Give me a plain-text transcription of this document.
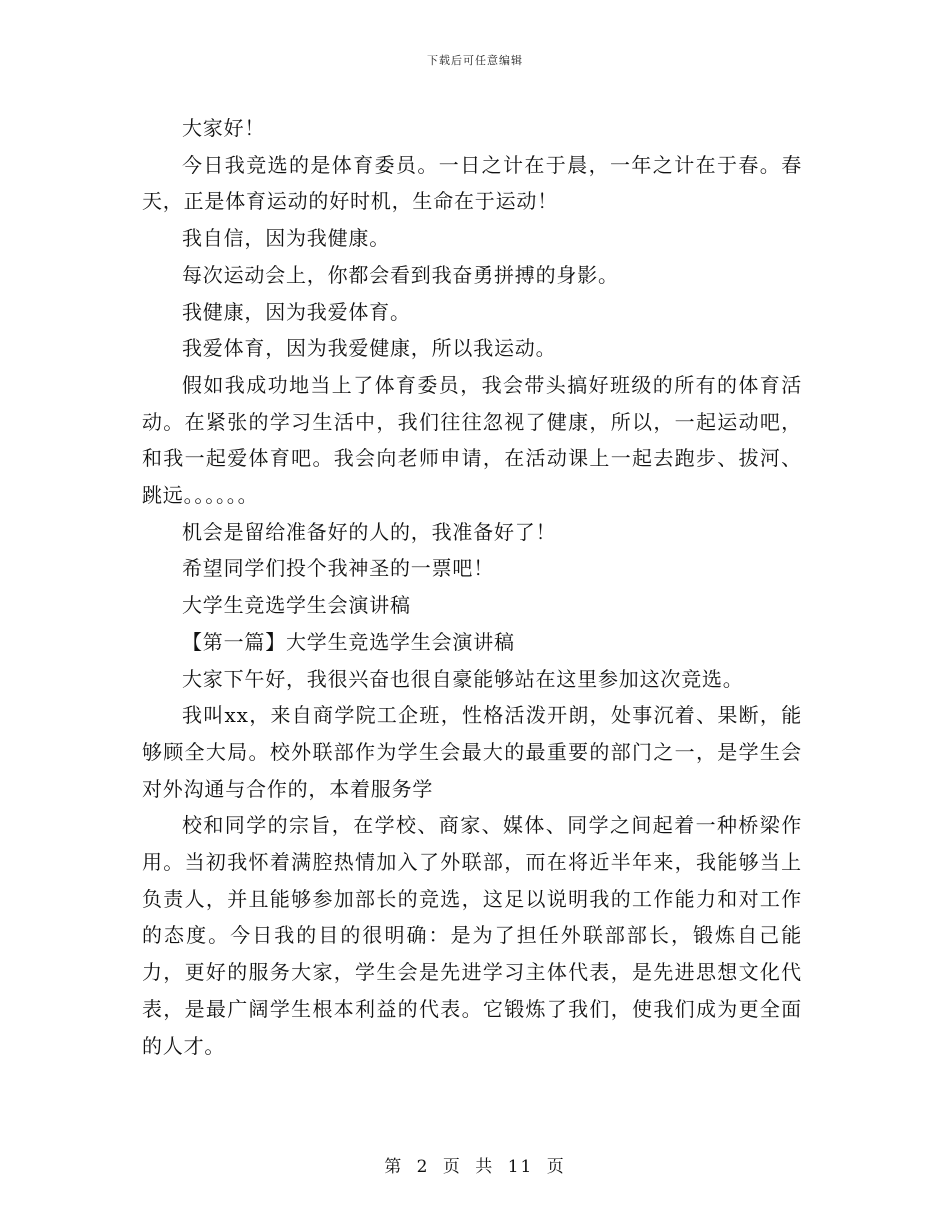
下载后可任意编辑

大家好！

今日我竞选的是体育委员。一日之计在于晨，一年之计在于春。春天，正是体育运动的好时机，生命在于运动！

我自信，因为我健康。

每次运动会上，你都会看到我奋勇拼搏的身影。

我健康，因为我爱体育。

我爱体育，因为我爱健康，所以我运动。

假如我成功地当上了体育委员，我会带头搞好班级的所有的体育活动。在紧张的学习生活中，我们往往忽视了健康，所以，一起运动吧，和我一起爱体育吧。我会向老师申请，在活动课上一起去跑步、拔河、跳远。。。。。。

机会是留给准备好的人的，我准备好了！

希望同学们投个我神圣的一票吧！

大学生竞选学生会演讲稿

【第一篇】大学生竞选学生会演讲稿

大家下午好，我很兴奋也很自豪能够站在这里参加这次竞选。

我叫xx，来自商学院工企班，性格活泼开朗，处事沉着、果断，能够顾全大局。校外联部作为学生会最大的最重要的部门之一，是学生会对外沟通与合作的，本着服务学

校和同学的宗旨，在学校、商家、媒体、同学之间起着一种桥梁作用。当初我怀着满腔热情加入了外联部，而在将近半年来，我能够当上负责人，并且能够参加部长的竞选，这足以说明我的工作能力和对工作的态度。今日我的目的很明确：是为了担任外联部部长，锻炼自己能力，更好的服务大家，学生会是先进学习主体代表，是先进思想文化代表，是最广阔学生根本利益的代表。它锻炼了我们，使我们成为更全面的人才。

第 2 页 共 11 页
